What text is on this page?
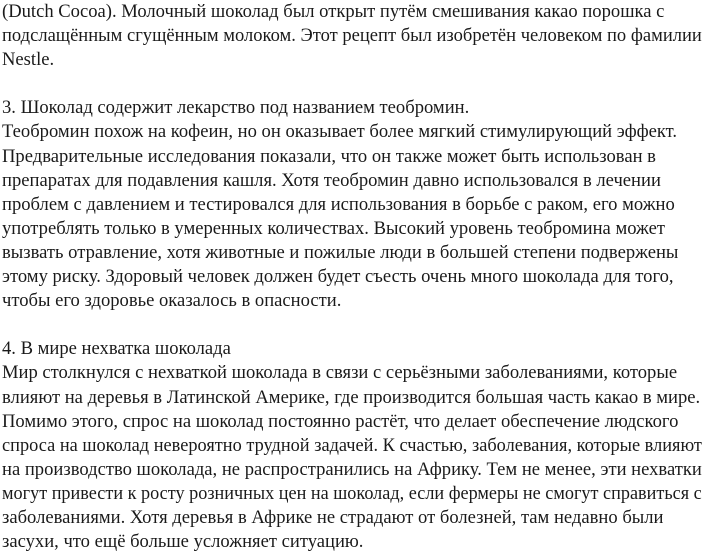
(Dutch Cocoa). Молочный шоколад был открыт путём смешивания какао порошка с
подслащённым сгущённым молоком. Этот рецепт был изобретён человеком по фамилии
Nestle.
3. Шоколад содержит лекарство под названием теобромин.
Теобромин похож на кофеин, но он оказывает более мягкий стимулирующий эффект.
Предварительные исследования показали, что он также может быть использован в
препаратах для подавления кашля. Хотя теобромин давно использовался в лечении
проблем с давлением и тестировался для использования в борьбе с раком, его можно
употреблять только в умеренных количествах. Высокий уровень теобромина может
вызвать отравление, хотя животные и пожилые люди в большей степени подвержены
этому риску. Здоровый человек должен будет съесть очень много шоколада для того,
чтобы его здоровье оказалось в опасности.
4. В мире нехватка шоколада
Мир столкнулся с нехваткой шоколада в связи с серьёзными заболеваниями, которые
влияют на деревья в Латинской Америке, где производится большая часть какао в мире.
Помимо этого, спрос на шоколад постоянно растёт, что делает обеспечение людского
спроса на шоколад невероятно трудной задачей. К счастью, заболевания, которые влияют
на производство шоколада, не распространились на Африку. Тем не менее, эти нехватки
могут привести к росту розничных цен на шоколад, если фермеры не смогут справиться с
заболеваниями. Хотя деревья в Африке не страдают от болезней, там недавно были
засухи, что ещё больше усложняет ситуацию.
